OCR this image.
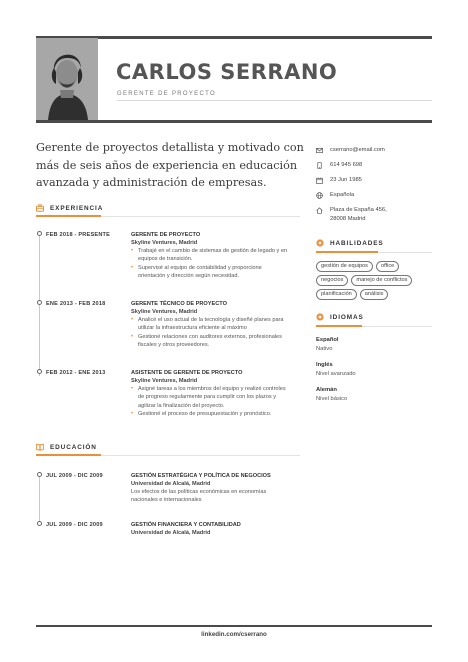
CARLOS SERRANO
GERENTE DE PROYECTO
Gerente de proyectos detallista y motivado con más de seis años de experiencia en educación avanzada y administración de empresas.
EXPERIENCIA
FEB 2018 - PRESENTE	GERENTE DE PROYECTO
Skyline Ventures, Madrid
• Trabajé en el cambio de sistemas de gestión de legado y en equipos de transición.
• Supervisé al equipo de contabilidad y proporcione orientación y dirección según necesidad.
ENE 2013 - FEB 2018	GERENTE TÉCNICO DE PROYECTO
Skyline Ventures, Madrid
• Analicé el uso actual de la tecnología y diseñé planes para utilizar la infraestructura eficiente al máximo
• Gestioné relaciones con auditores externos, profesionales fiscales y otros proveedores.
FEB 2012 - ENE 2013	ASISTENTE DE GERENTE DE PROYECTO
Skyline Ventures, Madrid
• Asigné tareas a los miembros del equipo y realizé controles de progreso regularmente para cumplir con los plazos y agilizar la finalización del proyecto.
• Gestioné el proceso de presupuestación y pronóstico.
EDUCACIÓN
JUL 2009 - DIC 2009	GESTIÓN ESTRATÉGICA Y POLÍTICA DE NEGOCIOS
Universidad de Alcalá, Madrid
Los efectos de las políticas económicas en economías nacionales e internacionales
JUL 2009 - DIC 2009	GESTIÓN FINANCIERA Y CONTABILIDAD
Universidad de Alcalá, Madrid
cserrano@email.com
614 945 698
23 Jun 1985
Española
Plaza de España 456,
28008 Madrid
HABILIDADES
gestión de equipos	office
negocios	manejo de conflictos
planificación	análisis
IDIOMAS
Español
Nativo
Inglés
Nivel avanzado
Alemán
Nivel básico
linkedin.com/cserrano
